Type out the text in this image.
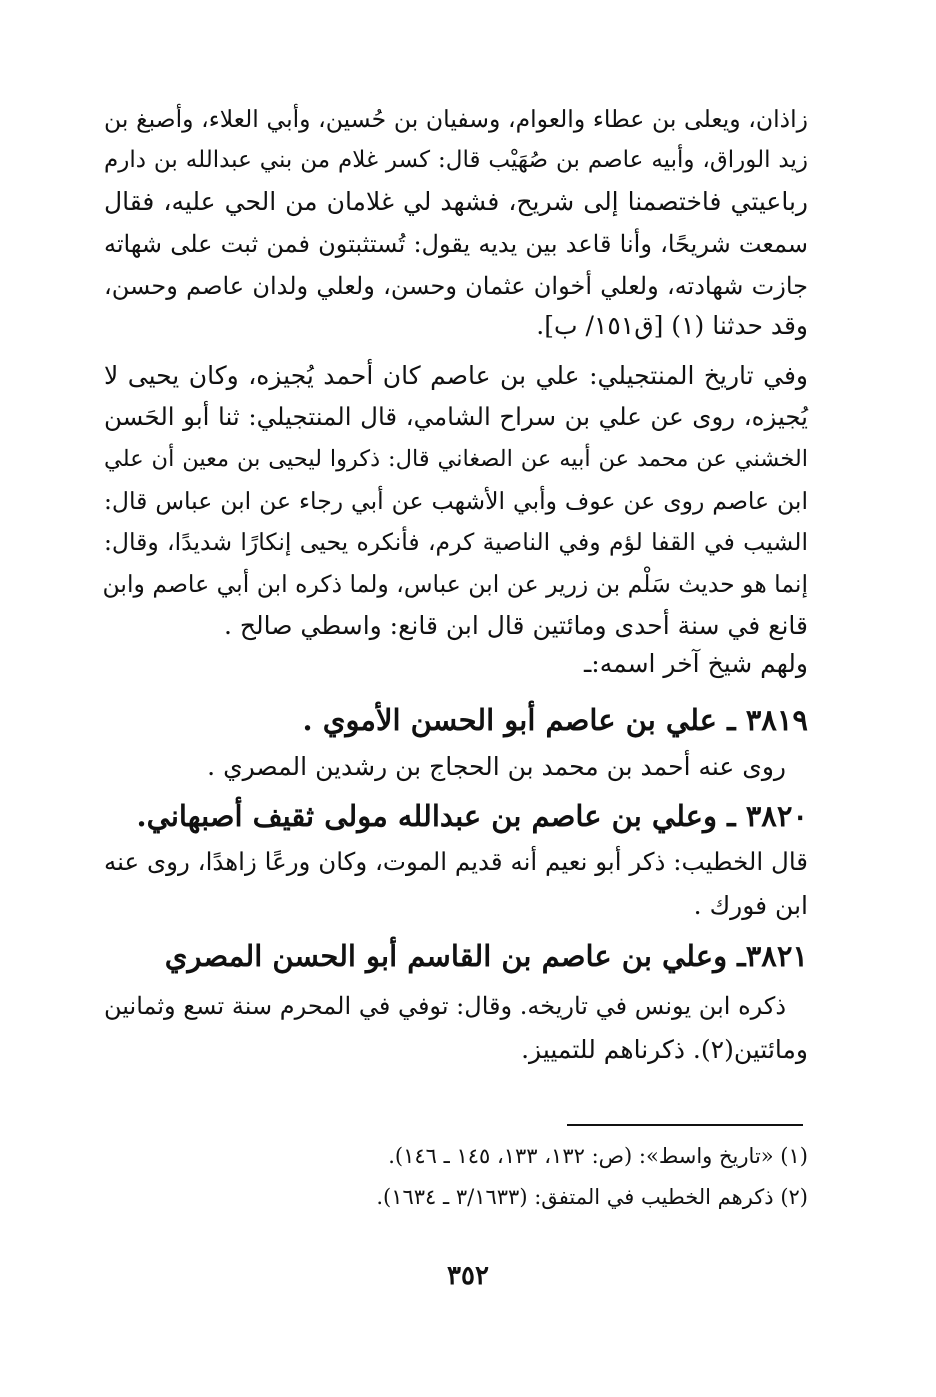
زاذان، ويعلى بن عطاء والعوام، وسفيان بن حُسين، وأبي العلاء، وأصبغ بن
زيد الوراق، وأبيه عاصم بن صُهَيْب قال: كسر غلام من بني عبدالله بن دارم
رباعيتي فاختصمنا إلى شريح، فشهد لي غلامان من الحي عليه، فقال
سمعت شريحًا، وأنا قاعد بين يديه يقول: تُستثبتون فمن ثبت على شهاته
جازت شهادته، ولعلي أخوان عثمان وحسن، ولعلي ولدان عاصم وحسن،
وقد حدثنا (١) [ق١٥١/ ب].
وفي تاريخ المنتجيلي: علي بن عاصم كان أحمد يُجيزه، وكان يحيى لا
يُجيزه، روى عن علي بن سراح الشامي، قال المنتجيلي: ثنا أبو الحَسن
الخشني عن محمد عن أبيه عن الصغاني قال: ذكروا ليحيى بن معين أن علي
ابن عاصم روى عن عوف وأبي الأشهب عن أبي رجاء عن ابن عباس قال:
الشيب في القفا لؤم وفي الناصية كرم، فأنكره يحيى إنكارًا شديدًا، وقال:
إنما هو حديث سَلْم بن زرير عن ابن عباس، ولما ذكره ابن أبي عاصم وابن
قانع في سنة أحدى ومائتين قال ابن قانع: واسطي صالح .
ولهم شيخ آخر اسمه:ـ
٣٨١٩ ـ علي بن عاصم أبو الحسن الأموي .
روى عنه أحمد بن محمد بن الحجاج بن رشدين المصري .
٣٨٢٠ ـ وعلي بن عاصم بن عبدالله مولى ثقيف أصبهاني.
قال الخطيب: ذكر أبو نعيم أنه قديم الموت، وكان ورعًا زاهدًا، روى عنه
ابن فورك .
٣٨٢١ـ وعلي بن عاصم بن القاسم أبو الحسن المصري
ذكره ابن يونس في تاريخه. وقال: توفي في المحرم سنة تسع وثمانين
ومائتين(٢). ذكرناهم للتمييز.
(١) «تاريخ واسط»: (ص: ١٣٢، ١٣٣، ١٤٥ ـ ١٤٦).
(٢) ذكرهم الخطيب في المتفق: (٣/١٦٣٣ ـ ١٦٣٤).
٣٥٢
